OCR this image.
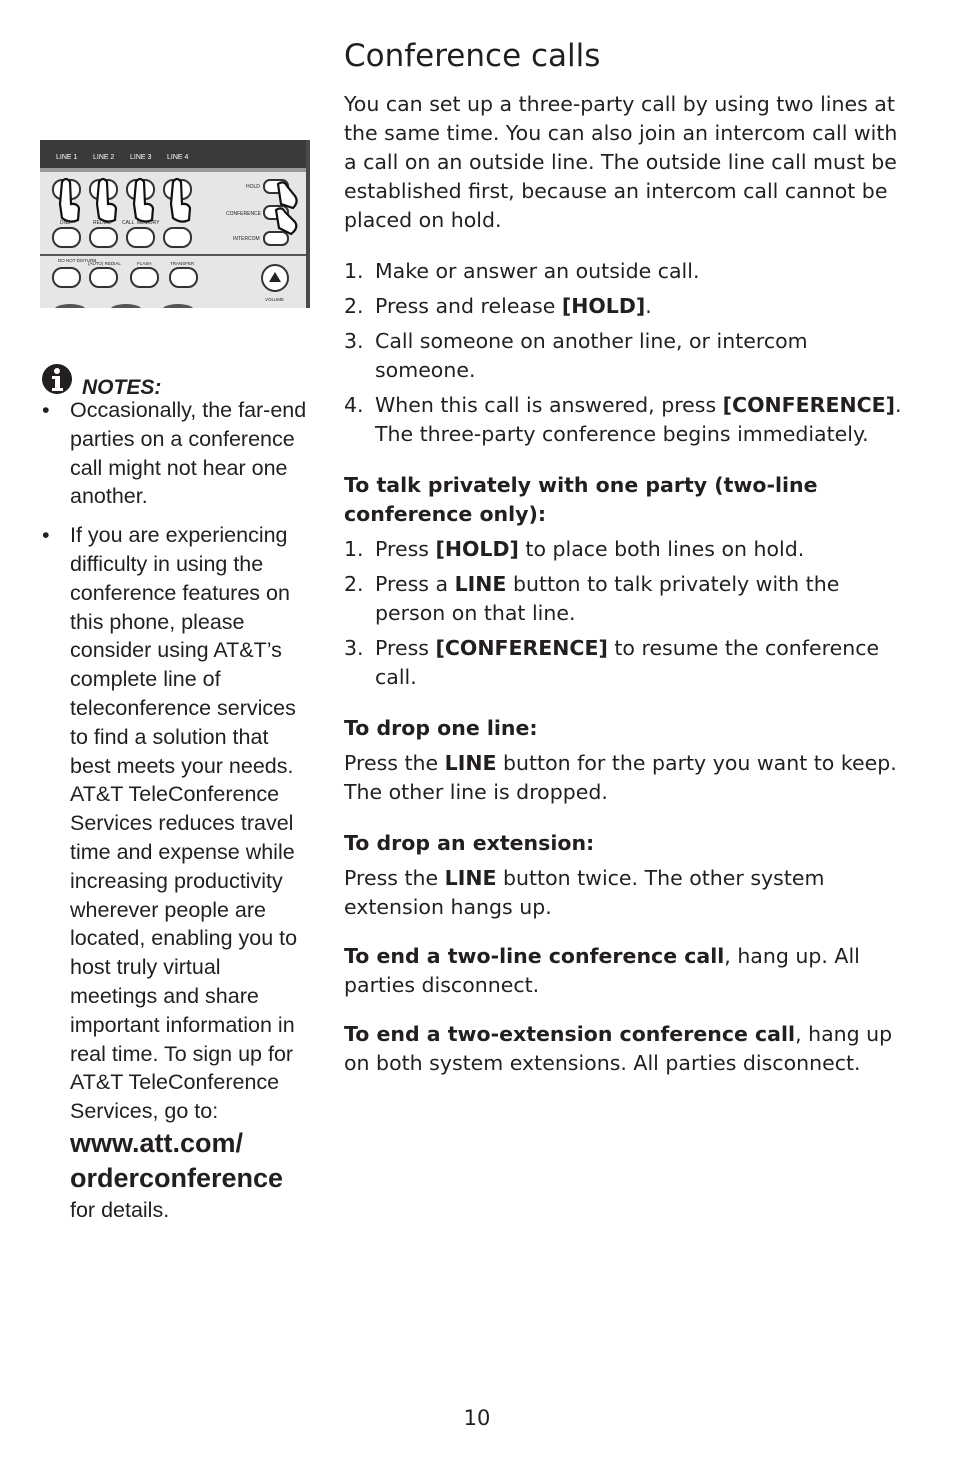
LINE 1 LINE 2 LINE 3 LINE 4
DND	REDIAL CALL MEMORY
HOLD
CONFERENCE
INTERCOM
DO NOT DISTURB
(AUTO) REDIAL	FLASH	TRANSFER
VOLUME
NOTES:
• Occasionally, the far-end parties on a conference call might not hear one another.
• If you are experiencing difficulty in using the conference features on this phone, please consider using AT&T’s complete line of teleconference services to find a solution that best meets your needs. AT&T TeleConference Services reduces travel time and expense while increasing productivity wherever people are located, enabling you to host truly virtual meetings and share important information in real time. To sign up for AT&T TeleConference Services, go to:
www.att.com/
orderconference
for details.
Conference calls

You can set up a three-party call by using two lines at the same time. You can also join an intercom call with a call on an outside line. The outside line call must be established first, because an intercom call cannot be placed on hold.

1. Make or answer an outside call.
2. Press and release [HOLD].
3. Call someone on another line, or intercom someone.
4. When this call is answered, press [CONFERENCE]. The three-party conference begins immediately.
To talk privately with one party (two-line conference only):
1. Press [HOLD] to place both lines on hold.
2. Press a LINE button to talk privately with the person on that line.
3. Press [CONFERENCE] to resume the conference call.
To drop one line:

Press the LINE button for the party you want to keep. The other line is dropped.

To drop an extension:

Press the LINE button twice. The other system extension hangs up.

To end a two-line conference call, hang up. All parties disconnect.

To end a two-extension conference call, hang up on both system extensions. All parties disconnect.

10
